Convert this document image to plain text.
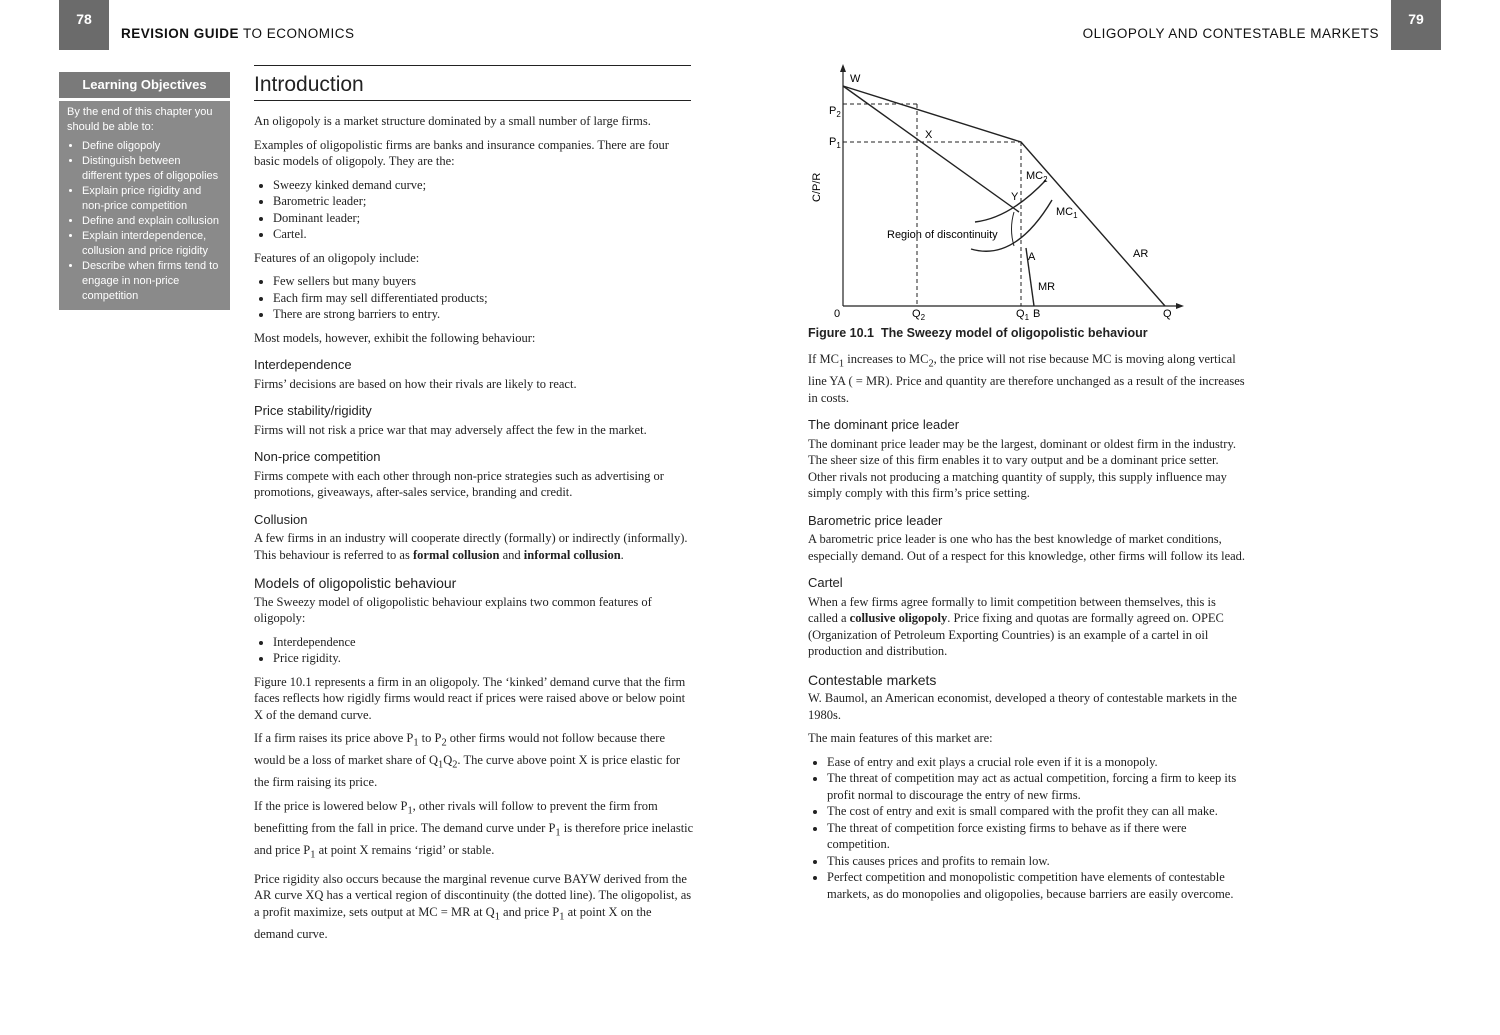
78
REVISION GUIDE TO ECONOMICS	OLIGOPOLY AND CONTESTABLE MARKETS
79
Learning Objectives
By the end of this chapter you should be able to:
• Define oligopoly
• Distinguish between different types of oligopolies
• Explain price rigidity and non-price competition
• Define and explain collusion
• Explain interdependence, collusion and price rigidity
• Describe when firms tend to engage in non-price competition
Introduction

An oligopoly is a market structure dominated by a small number of large firms.

Examples of oligopolistic firms are banks and insurance companies. There are four basic models of oligopoly. They are the:

• Sweezy kinked demand curve;
• Barometric leader;
• Dominant leader;
• Cartel.

Features of an oligopoly include:

• Few sellers but many buyers
• Each firm may sell differentiated products;
• There are strong barriers to entry.

Most models, however, exhibit the following behaviour:

Interdependence

Firms’ decisions are based on how their rivals are likely to react.

Price stability/rigidity

Firms will not risk a price war that may adversely affect the few in the market.

Non-price competition

Firms compete with each other through non-price strategies such as advertising or promotions, giveaways, after-sales service, branding and credit.

Collusion

A few firms in an industry will cooperate directly (formally) or indirectly (informally). This behaviour is referred to as formal collusion and informal collusion.

Models of oligopolistic behaviour

The Sweezy model of oligopolistic behaviour explains two common features of oligopoly:

• Interdependence
• Price rigidity.

Figure 10.1 represents a firm in an oligopoly. The ‘kinked’ demand curve that the firm faces reflects how rigidly firms would react if prices were raised above or below point X of the demand curve.

If a firm raises its price above $P_1$ to $P_2$ other firms would not follow because there would be a loss of market share of $Q_1Q_2$. The curve above point X is price elastic for the firm raising its price.

If the price is lowered below $P_1$, other rivals will follow to prevent the firm from benefitting from the fall in price. The demand curve under $P_1$ is therefore price inelastic and price $P_1$ at point X remains ‘rigid’ or stable.

Price rigidity also occurs because the marginal revenue curve BAYW derived from the AR curve XQ has a vertical region of discontinuity (the dotted line). The oligopolist, as a profit maximize, sets output at MC = MR at $Q_1$ and price $P_1$ at point X on the demand curve.

W
$P_2$
$P_1$
X
Y
A
$MC_2$
$MC_1$
Region of discontinuity
AR
MR
0	$Q_2$	$Q_1$ B	Q
C/P/R
Figure 10.1 The Sweezy model of oligopolistic behaviour

If $MC_1$ increases to $MC_2$, the price will not rise because MC is moving along vertical line YA ( = MR). Price and quantity are therefore unchanged as a result of the increases in costs.

The dominant price leader

The dominant price leader may be the largest, dominant or oldest firm in the industry. The sheer size of this firm enables it to vary output and be a dominant price setter. Other rivals not producing a matching quantity of supply, this supply influence may simply comply with this firm’s price setting.

Barometric price leader

A barometric price leader is one who has the best knowledge of market conditions, especially demand. Out of a respect for this knowledge, other firms will follow its lead.

Cartel

When a few firms agree formally to limit competition between themselves, this is called a collusive oligopoly. Price fixing and quotas are formally agreed on. OPEC (Organization of Petroleum Exporting Countries) is an example of a cartel in oil production and distribution.

Contestable markets

W. Baumol, an American economist, developed a theory of contestable markets in the 1980s.

The main features of this market are:

• Ease of entry and exit plays a crucial role even if it is a monopoly.
• The threat of competition may act as actual competition, forcing a firm to keep its profit normal to discourage the entry of new firms.
• The cost of entry and exit is small compared with the profit they can all make.
• The threat of competition force existing firms to behave as if there were competition.
• This causes prices and profits to remain low.
• Perfect competition and monopolistic competition have elements of contestable markets, as do monopolies and oligopolies, because barriers are easily overcome.
